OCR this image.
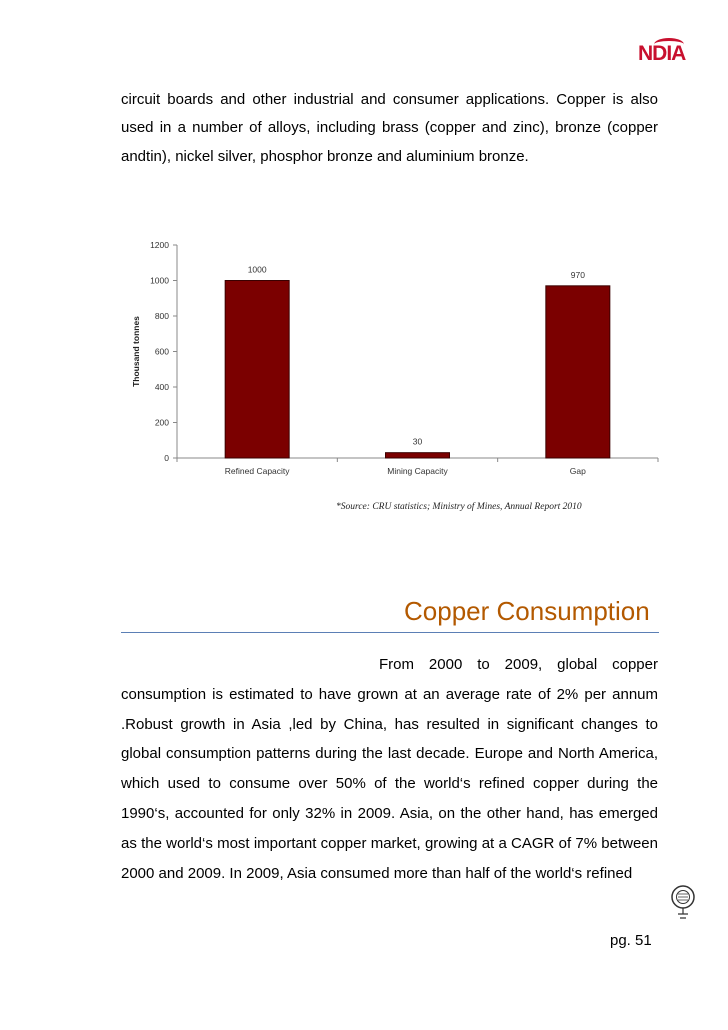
NDIA

circuit boards and other industrial and consumer applications. Copper is also used in a number of alloys, including brass (copper and zinc), bronze (copper andtin), nickel silver, phosphor bronze and aluminium bronze.

0
200
400
600
800
1000
1200
Thousand tonnes
1000
Refined Capacity
30
Mining Capacity
970
Gap
*Source: CRU statistics; Ministry of Mines, Annual Report 2010
Copper Consumption

From 2000 to 2009, global copper consumption is estimated to have grown at an average rate of 2% per annum .Robust growth in Asia ,led by China, has resulted in significant changes to global consumption patterns during the last decade. Europe and North America, which used to consume over 50% of the world‘s refined copper during the 1990‘s, accounted for only 32% in 2009. Asia, on the other hand, has emerged as the world‘s most important copper market, growing at a CAGR of 7% between 2000 and 2009. In 2009, Asia consumed more than half of the world‘s refined

pg. 51
